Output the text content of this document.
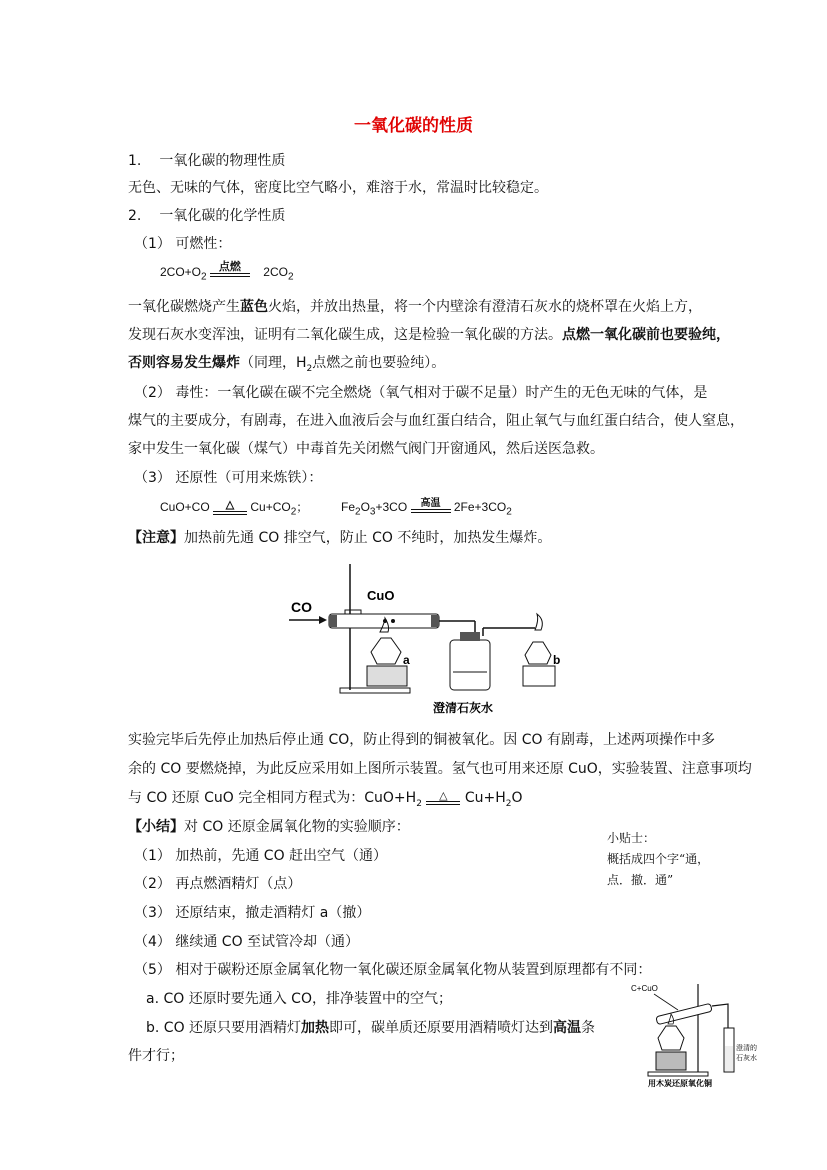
一氧化碳的性质
1. 一氧化碳的物理性质
无色、无味的气体，密度比空气略小，难溶于水，常温时比较稳定。
2. 一氧化碳的化学性质
（1） 可燃性：
$2CO+O_2$
点燃	$2CO_2$
一氧化碳燃烧产生蓝色火焰，并放出热量，将一个内壁涂有澄清石灰水的烧杯罩在火焰上方，
发现石灰水变浑浊，证明有二氧化碳生成，这是检验一氧化碳的方法。点燃一氧化碳前也要验纯，
否则容易发生爆炸（同理，$H_2$点燃之前也要验纯）。
（2） 毒性：一氧化碳在碳不完全燃烧（氧气相对于碳不足量）时产生的无色无味的气体，是
煤气的主要成分，有剧毒，在进入血液后会与血红蛋白结合，阻止氧气与血红蛋白结合，使人窒息，
家中发生一氧化碳（煤气）中毒首先关闭燃气阀门开窗通风，然后送医急救。
（3） 还原性（可用来炼铁）：
CuO+CO	△	$Cu+CO_2$；	$Fe_2O_3+3CO$	高温	$2Fe+3CO_2$
【注意】加热前先通 CO 排空气，防止 CO 不纯时，加热发生爆炸。
CO
CuO
a
澄清石灰水
b
实验完毕后先停止加热后停止通 CO，防止得到的铜被氧化。因 CO 有剧毒，上述两项操作中多
余的 CO 要燃烧掉，为此反应采用如上图所示装置。氢气也可用来还原 CuO，实验装置、注意事项均
与 CO 还原 CuO 完全相同方程式为：$CuO+H_2$
△	$Cu+H_2O$
【小结】对 CO 还原金属氧化物的实验顺序：
（1） 加热前，先通 CO 赶出空气（通）
（2） 再点燃酒精灯（点）
（3） 还原结束，撤走酒精灯 a（撤）
（4） 继续通 CO 至试管冷却（通）
（5） 相对于碳粉还原金属氧化物一氧化碳还原金属氧化物从装置到原理都有不同：
a. CO 还原时要先通入 CO，排净装置中的空气；
b. CO 还原只要用酒精灯加热即可，碳单质还原要用酒精喷灯达到高温条
件才行；
小贴士：
概括成四个字“通，
点．撤．通”
C+CuO
澄清的
石灰水
用木炭还原氧化铜
